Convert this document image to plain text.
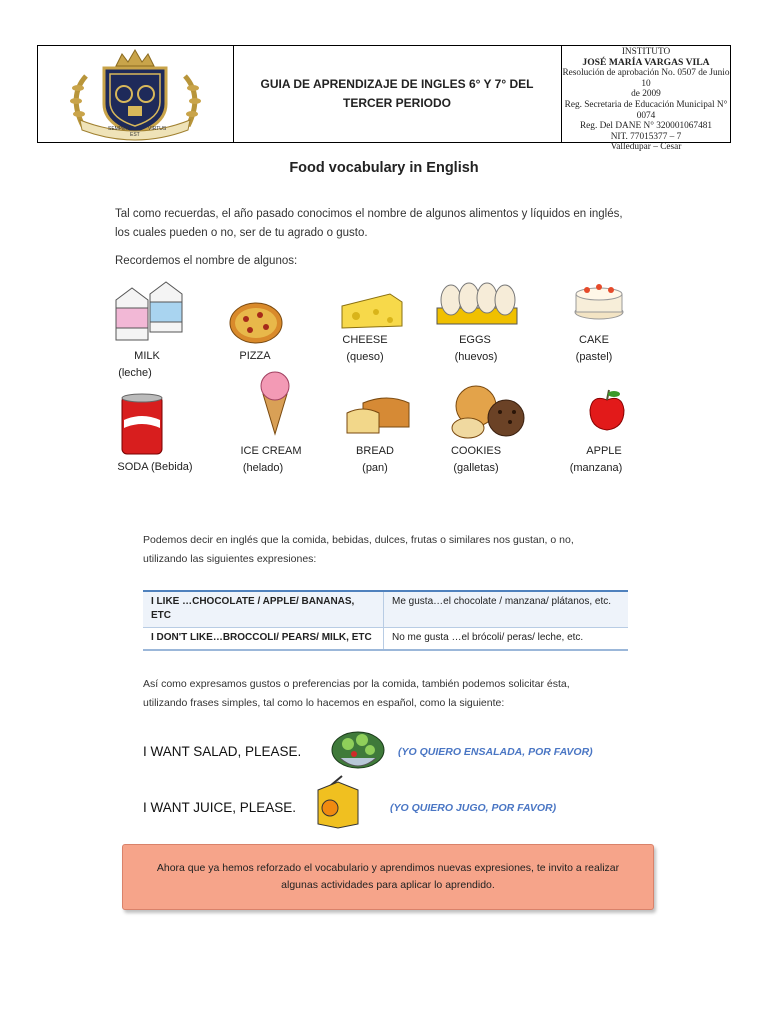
SEMPER
EST
VIRTUS
GUIA DE APRENDIZAJE DE INGLES 6° Y 7° DEL
TERCER PERIODO
INSTITUTO
JOSÉ MARÍA VARGAS VILA
Resolución de aprobación No. 0507 de Junio 10
de 2009
Reg. Secretaria de Educación Municipal N° 0074
Reg. Del DANE N° 320001067481
NIT. 77015377 – 7
Valledupar – Cesar
Food vocabulary in English
Tal como recuerdas, el año pasado conocimos el nombre de algunos alimentos y líquidos en inglés,
los cuales pueden o no, ser de tu agrado o gusto.
Recordemos el nombre de algunos:
MILK
(leche)
PIZZA
CHEESE
(queso)
EGGS
(huevos)
CAKE
(pastel)
SODA (Bebida)
ICE CREAM
(helado)
BREAD
(pan)
COOKIES
(galletas)
APPLE
(manzana)
Podemos decir en inglés que la comida, bebidas, dulces, frutas o similares nos gustan, o no,
utilizando las siguientes expresiones:
I LIKE …CHOCOLATE / APPLE/ BANANAS, ETC	Me gusta…el chocolate / manzana/ plátanos, etc.
I DON'T LIKE…BROCCOLI/ PEARS/ MILK, ETC	No me gusta …el brócoli/ peras/ leche, etc.
Así como expresamos gustos o preferencias por la comida, también podemos solicitar ésta,
utilizando frases simples, tal como lo hacemos en español, como la siguiente:
I WANT SALAD, PLEASE.	(YO QUIERO ENSALADA, POR FAVOR)
I WANT JUICE, PLEASE.	(YO QUIERO JUGO, POR FAVOR)
Ahora que ya hemos reforzado el vocabulario y aprendimos nuevas expresiones, te invito a realizar
algunas actividades para aplicar lo aprendido.
